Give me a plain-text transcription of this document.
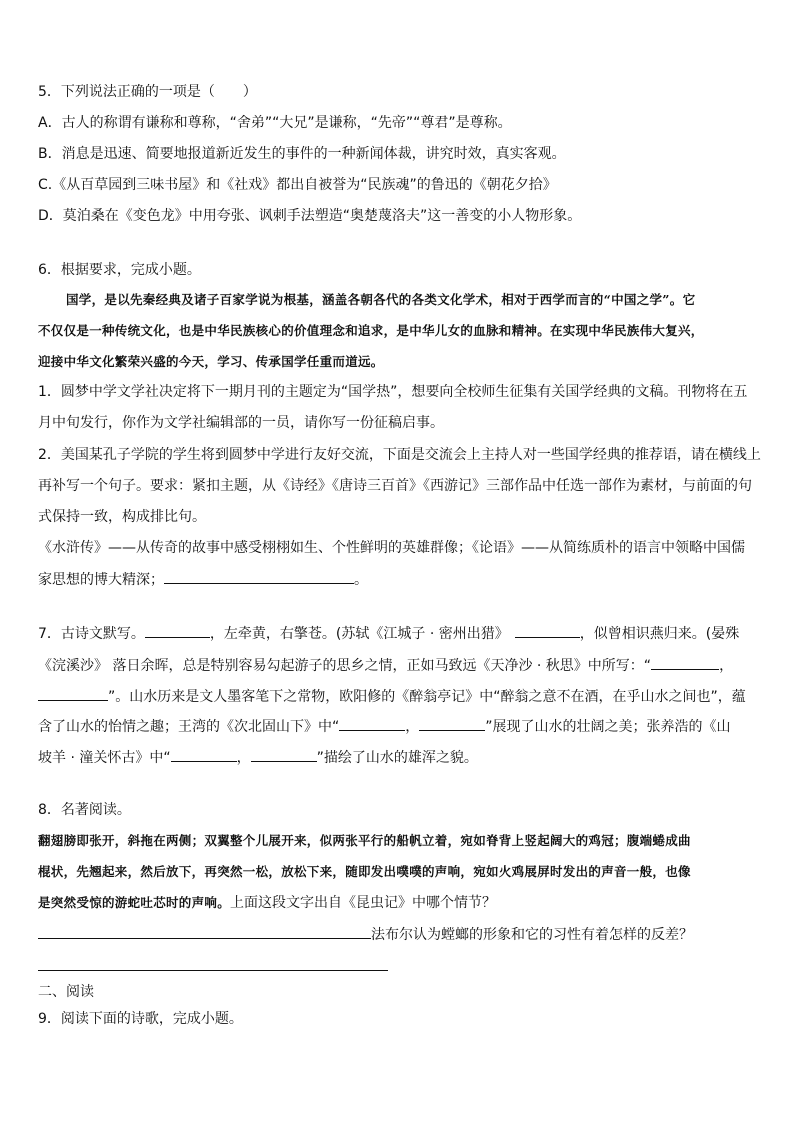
5．下列说法正确的一项是（　　）
A．古人的称谓有谦称和尊称，“舍弟”“大兄”是谦称，“先帝”“尊君”是尊称。
B．消息是迅速、简要地报道新近发生的事件的一种新闻体裁，讲究时效，真实客观。
C.《从百草园到三味书屋》和《社戏》都出自被誉为“民族魂”的鲁迅的《朝花夕拾》
D．莫泊桑在《变色龙》中用夸张、讽刺手法塑造“奥楚蔑洛夫”这一善变的小人物形象。
6．根据要求，完成小题。
国学，是以先秦经典及诸子百家学说为根基，涵盖各朝各代的各类文化学术，相对于西学而言的“中国之学”。它
不仅仅是一种传统文化，也是中华民族核心的价值理念和追求，是中华儿女的血脉和精神。在实现中华民族伟大复兴，
迎接中华文化繁荣兴盛的今天，学习、传承国学任重而道远。
1．圆梦中学文学社决定将下一期月刊的主题定为“国学热”，想要向全校师生征集有关国学经典的文稿。刊物将在五
月中旬发行，你作为文学社编辑部的一员，请你写一份征稿启事。
2．美国某孔子学院的学生将到圆梦中学进行友好交流，下面是交流会上主持人对一些国学经典的推荐语，请在横线上
再补写一个句子。要求：紧扣主题，从《诗经》《唐诗三百首》《西游记》三部作品中任选一部作为素材，与前面的句
式保持一致，构成排比句。
《水浒传》——从传奇的故事中感受栩栩如生、个性鲜明的英雄群像；《论语》——从简练质朴的语言中领略中国儒
家思想的博大精深；	。
7．古诗文默写。	，左牵黄，右擎苍。(苏轼《江城子 · 密州出猎》	，似曾相识燕归来。(晏殊
《浣溪沙》 落日余晖，总是特别容易勾起游子的思乡之情，正如马致远《天净沙 · 秋思》中所写：“	，
”。山水历来是文人墨客笔下之常物，欧阳修的《醉翁亭记》中“醉翁之意不在酒，在乎山水之间也”，蕴
含了山水的怡情之趣；王湾的《次北固山下》中“	，	”展现了山水的壮阔之美；张养浩的《山
坡羊 · 潼关怀古》中“	，	”描绘了山水的雄浑之貌。
8．名著阅读。
翻翅膀即张开，斜拖在两侧；双翼整个儿展开来，似两张平行的船帆立着，宛如脊背上竖起阔大的鸡冠；腹端蜷成曲
棍状，先翘起来，然后放下，再突然一松，放松下来，随即发出噗噗的声响，宛如火鸡展屏时发出的声音一般，也像
是突然受惊的游蛇吐芯时的声响。上面这段文字出自《昆虫记》中哪个情节？
法布尔认为螳螂的形象和它的习性有着怎样的反差？
二、阅读
9．阅读下面的诗歌，完成小题。
